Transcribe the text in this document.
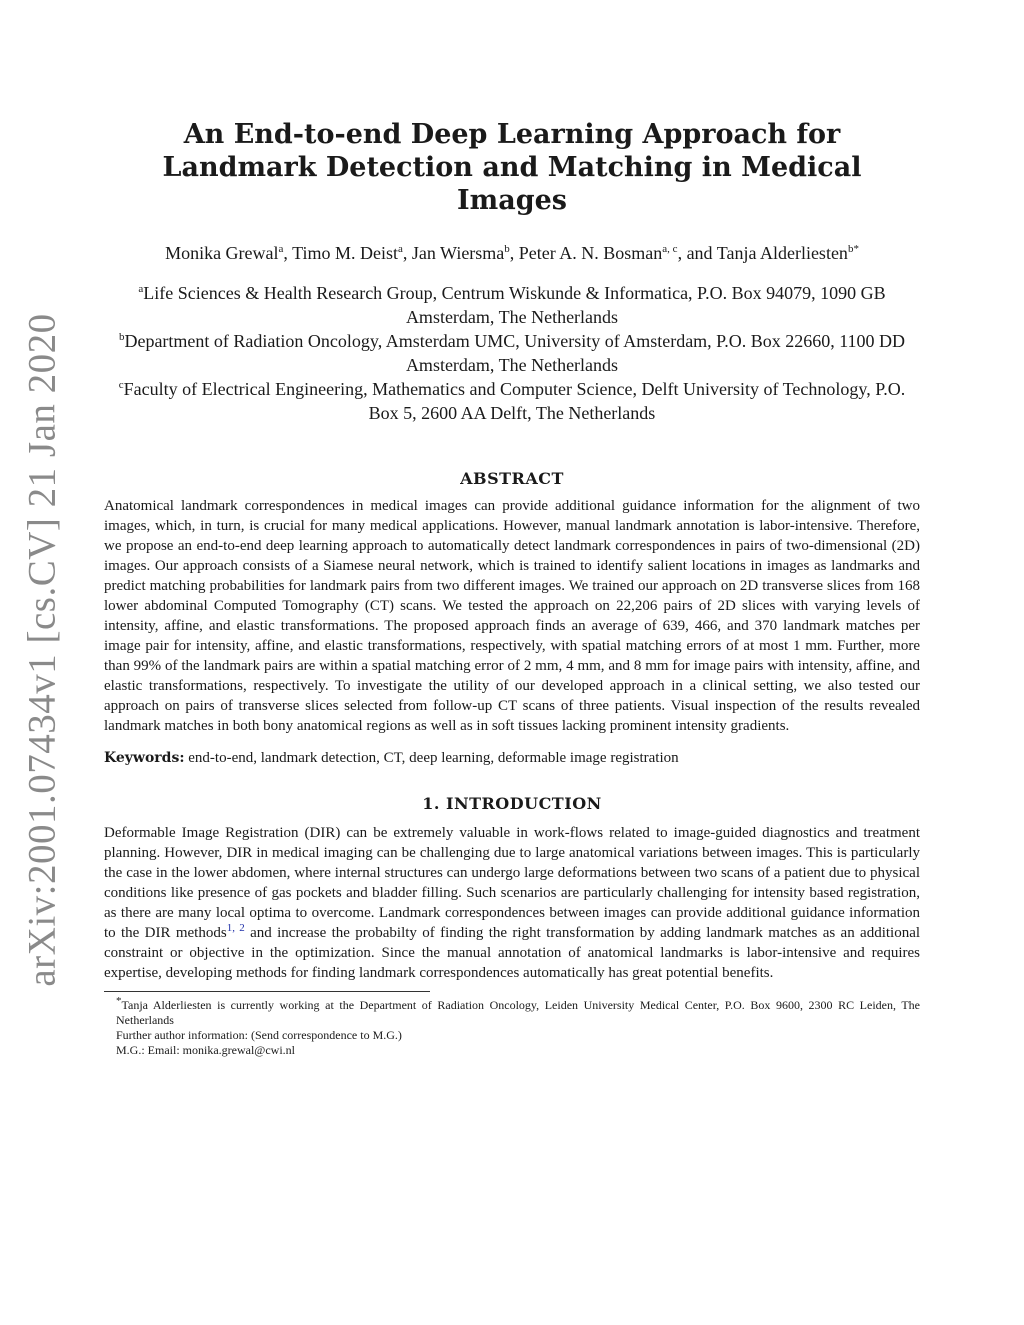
arXiv:2001.07434v1 [cs.CV] 21 Jan 2020
An End-to-end Deep Learning Approach for Landmark Detection and Matching in Medical Images
Monika Grewal$^a$, Timo M. Deist$^a$, Jan Wiersma$^b$, Peter A. N. Bosman$^{a, c}$, and Tanja Alderliesten$^{b*}$
$^a$Life Sciences & Health Research Group, Centrum Wiskunde & Informatica, P.O. Box 94079, 1090 GB Amsterdam, The Netherlands
$^b$Department of Radiation Oncology, Amsterdam UMC, University of Amsterdam, P.O. Box 22660, 1100 DD Amsterdam, The Netherlands
$^c$Faculty of Electrical Engineering, Mathematics and Computer Science, Delft University of Technology, P.O. Box 5, 2600 AA Delft, The Netherlands
ABSTRACT
Anatomical landmark correspondences in medical images can provide additional guidance information for the alignment of two images, which, in turn, is crucial for many medical applications. However, manual landmark annotation is labor-intensive. Therefore, we propose an end-to-end deep learning approach to automatically detect landmark correspondences in pairs of two-dimensional (2D) images. Our approach consists of a Siamese neural network, which is trained to identify salient locations in images as landmarks and predict matching probabilities for landmark pairs from two different images. We trained our approach on 2D transverse slices from 168 lower abdominal Computed Tomography (CT) scans. We tested the approach on 22,206 pairs of 2D slices with varying levels of intensity, affine, and elastic transformations. The proposed approach finds an average of 639, 466, and 370 landmark matches per image pair for intensity, affine, and elastic transformations, respectively, with spatial matching errors of at most 1 mm. Further, more than 99% of the landmark pairs are within a spatial matching error of 2 mm, 4 mm, and 8 mm for image pairs with intensity, affine, and elastic transformations, respectively. To investigate the utility of our developed approach in a clinical setting, we also tested our approach on pairs of transverse slices selected from follow-up CT scans of three patients. Visual inspection of the results revealed landmark matches in both bony anatomical regions as well as in soft tissues lacking prominent intensity gradients.
Keywords: end-to-end, landmark detection, CT, deep learning, deformable image registration
1. INTRODUCTION
Deformable Image Registration (DIR) can be extremely valuable in work-flows related to image-guided diagnostics and treatment planning. However, DIR in medical imaging can be challenging due to large anatomical variations between images. This is particularly the case in the lower abdomen, where internal structures can undergo large deformations between two scans of a patient due to physical conditions like presence of gas pockets and bladder filling. Such scenarios are particularly challenging for intensity based registration, as there are many local optima to overcome. Landmark correspondences between images can provide additional guidance information to the DIR methods$^{1, 2}$ and increase the probabilty of finding the right transformation by adding landmark matches as an additional constraint or objective in the optimization. Since the manual annotation of anatomical landmarks is labor-intensive and requires expertise, developing methods for finding landmark correspondences automatically has great potential benefits.
*Tanja Alderliesten is currently working at the Department of Radiation Oncology, Leiden University Medical Center, P.O. Box 9600, 2300 RC Leiden, The Netherlands
Further author information: (Send correspondence to M.G.)
M.G.: Email: monika.grewal@cwi.nl
